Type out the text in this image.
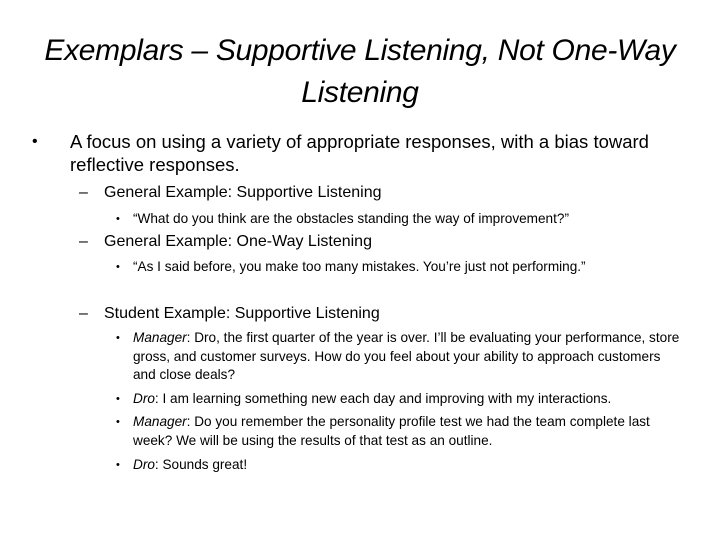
Exemplars – Supportive Listening, Not One-Way Listening
• A focus on using a variety of appropriate responses, with a bias toward reflective responses.
– General Example: Supportive Listening
• “What do you think are the obstacles standing the way of improvement?”
– General Example: One-Way Listening
• “As I said before, you make too many mistakes. You’re just not performing.”
– Student Example: Supportive Listening
• Manager: Dro, the first quarter of the year is over. I’ll be evaluating your performance, store gross, and customer surveys. How do you feel about your ability to approach customers and close deals?
• Dro: I am learning something new each day and improving with my interactions.
• Manager: Do you remember the personality profile test we had the team complete last week? We will be using the results of that test as an outline.
• Dro: Sounds great!
